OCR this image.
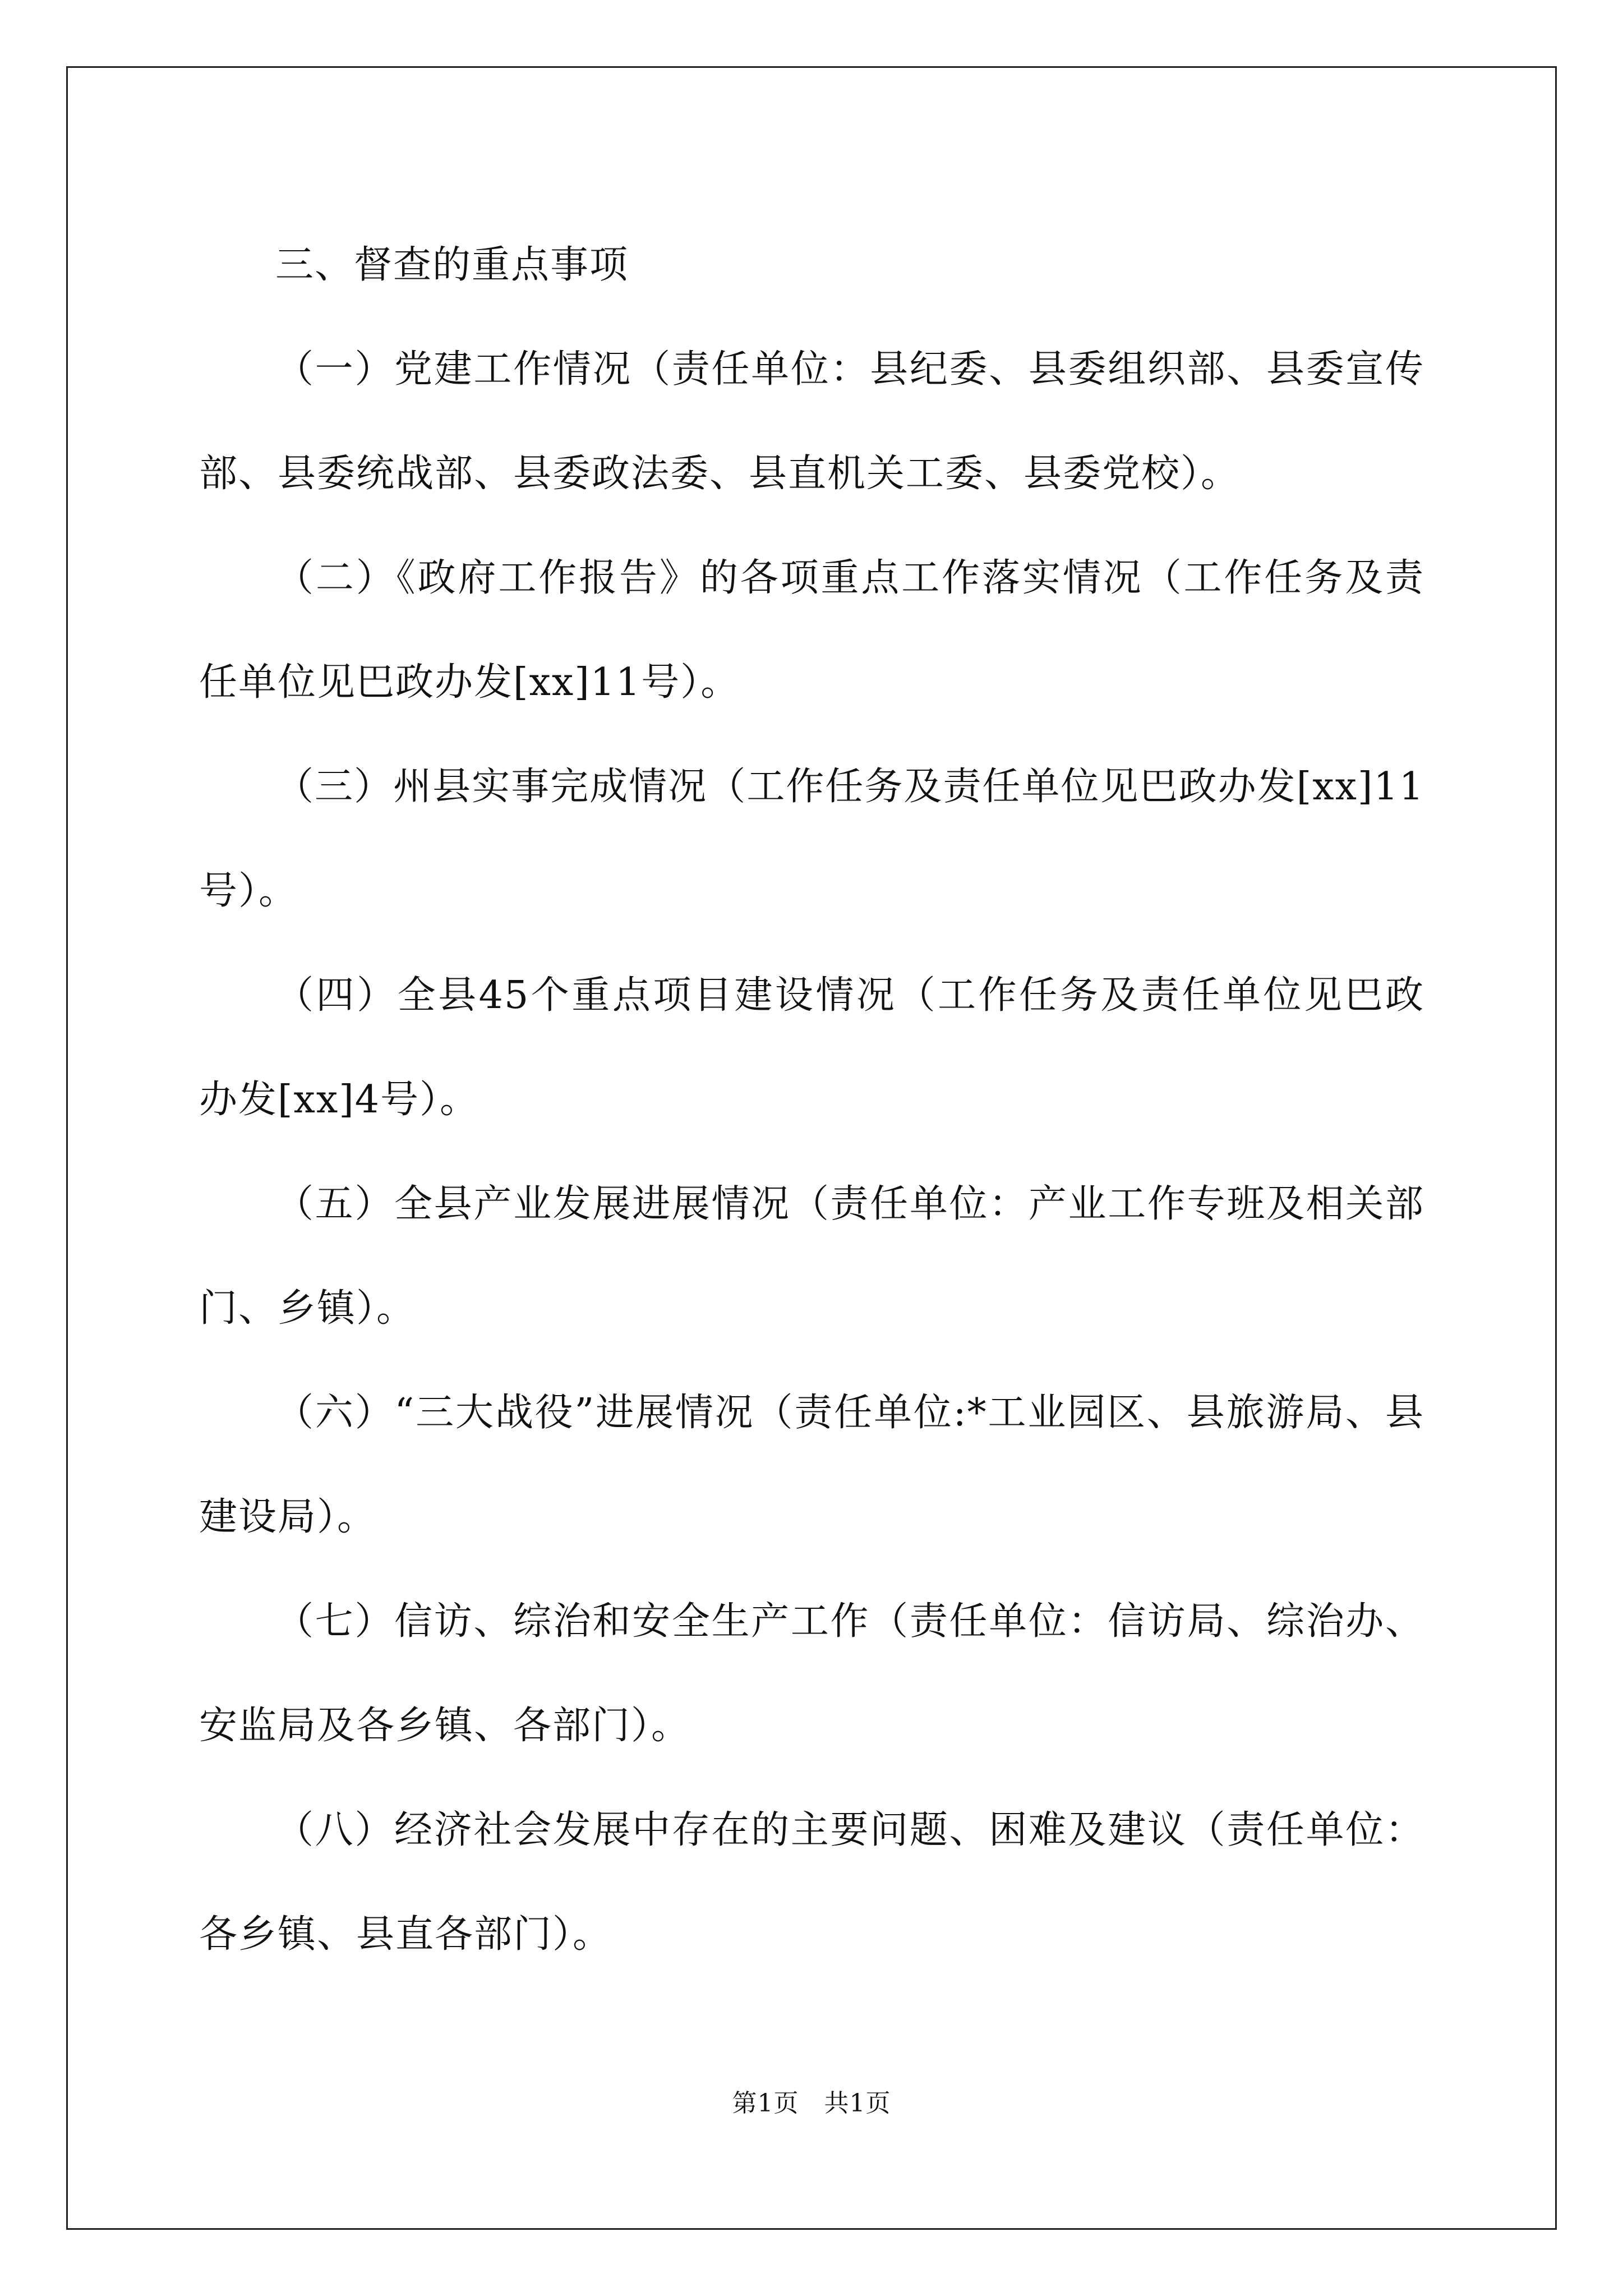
三、督查的重点事项

（一）党建工作情况（责任单位：县纪委、县委组织部、县委宣传部、县委统战部、县委政法委、县直机关工委、县委党校）。

（二）《政府工作报告》的各项重点工作落实情况（工作任务及责任单位见巴政办发[xx]11号）。

（三）州县实事完成情况（工作任务及责任单位见巴政办发[xx]11号）。

（四）全县45个重点项目建设情况（工作任务及责任单位见巴政办发[xx]4号）。

（五）全县产业发展进展情况（责任单位：产业工作专班及相关部门、乡镇）。

（六）“三大战役”进展情况（责任单位:*工业园区、县旅游局、县建设局）。

（七）信访、综治和安全生产工作（责任单位：信访局、综治办、安监局及各乡镇、各部门）。

（八）经济社会发展中存在的主要问题、困难及建议（责任单位：各乡镇、县直各部门）。

第1页 共1页
